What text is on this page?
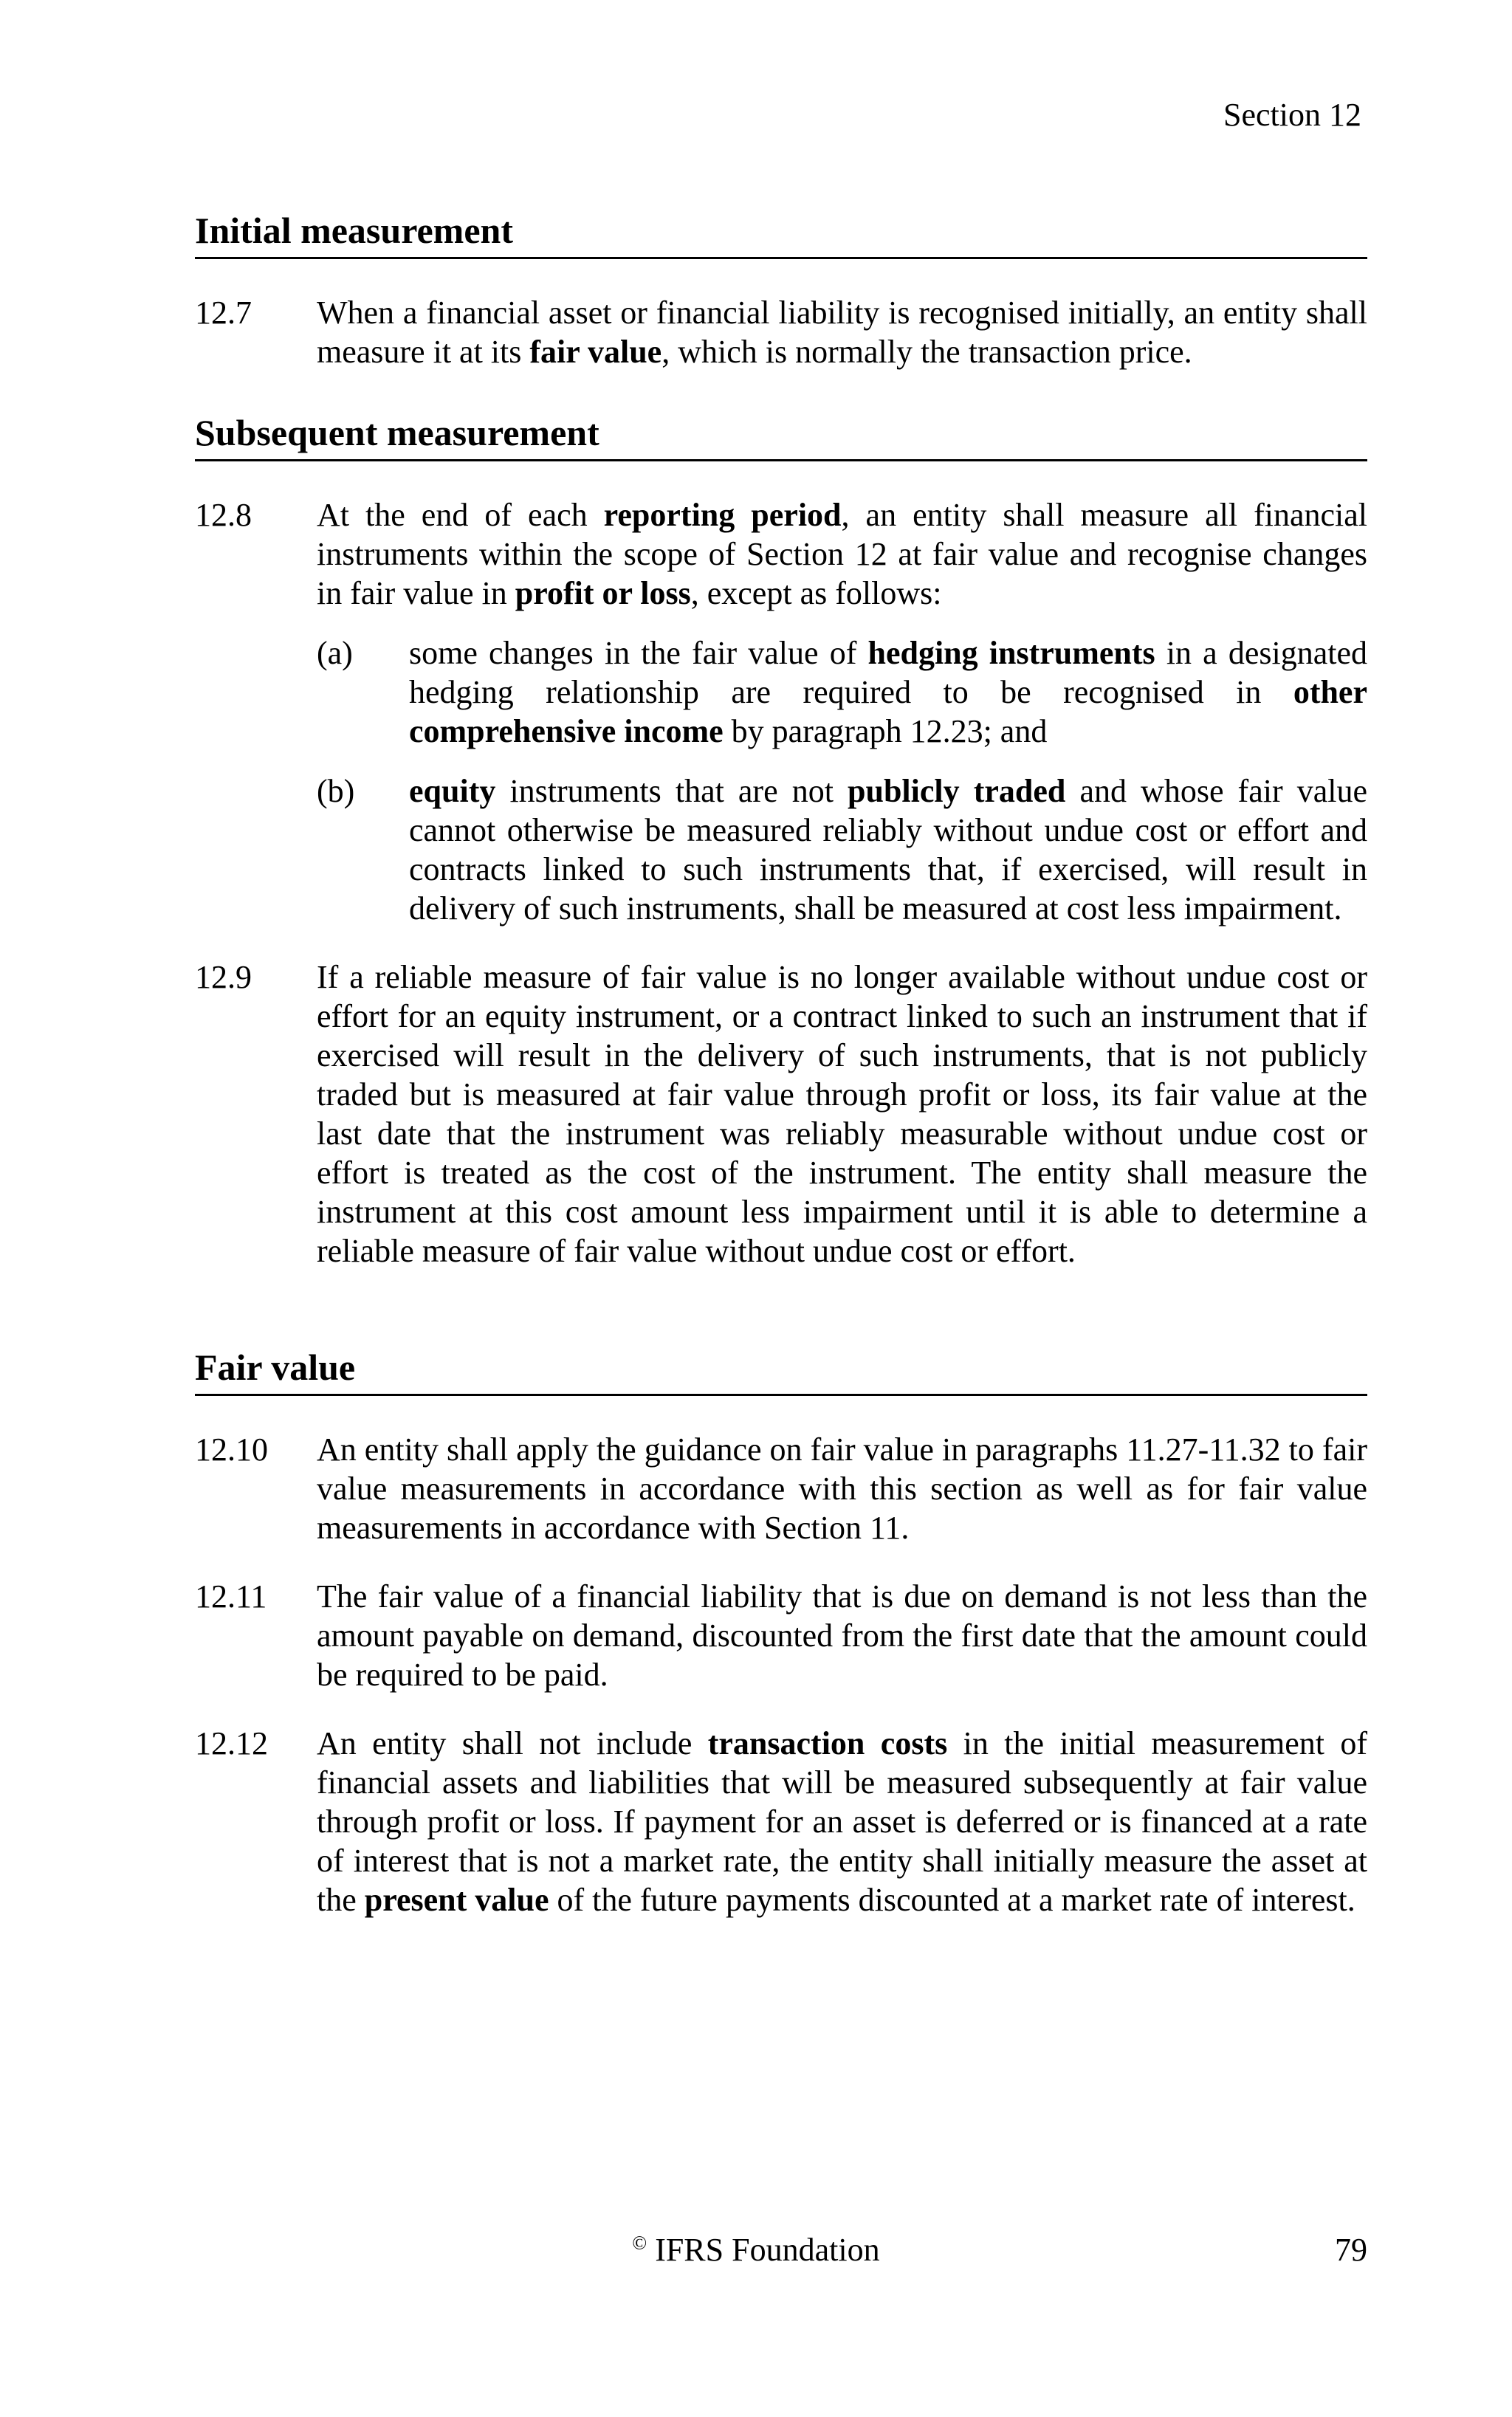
Section 12
Initial measurement
12.7	When a financial asset or financial liability is recognised initially, an entity shall measure it at its fair value, which is normally the transaction price.
Subsequent measurement
12.8	At the end of each reporting period, an entity shall measure all financial instruments within the scope of Section 12 at fair value and recognise changes in fair value in profit or loss, except as follows:
(a)	some changes in the fair value of hedging instruments in a designated hedging relationship are required to be recognised in other comprehensive income by paragraph 12.23; and
(b)	equity instruments that are not publicly traded and whose fair value cannot otherwise be measured reliably without undue cost or effort and contracts linked to such instruments that, if exercised, will result in delivery of such instruments, shall be measured at cost less impairment.
12.9	If a reliable measure of fair value is no longer available without undue cost or effort for an equity instrument, or a contract linked to such an instrument that if exercised will result in the delivery of such instruments, that is not publicly traded but is measured at fair value through profit or loss, its fair value at the last date that the instrument was reliably measurable without undue cost or effort is treated as the cost of the instrument. The entity shall measure the instrument at this cost amount less impairment until it is able to determine a reliable measure of fair value without undue cost or effort.
Fair value
12.10	An entity shall apply the guidance on fair value in paragraphs 11.27-11.32 to fair value measurements in accordance with this section as well as for fair value measurements in accordance with Section 11.
12.11	The fair value of a financial liability that is due on demand is not less than the amount payable on demand, discounted from the first date that the amount could be required to be paid.
12.12	An entity shall not include transaction costs in the initial measurement of financial assets and liabilities that will be measured subsequently at fair value through profit or loss. If payment for an asset is deferred or is financed at a rate of interest that is not a market rate, the entity shall initially measure the asset at the present value of the future payments discounted at a market rate of interest.
© IFRS Foundation	79
